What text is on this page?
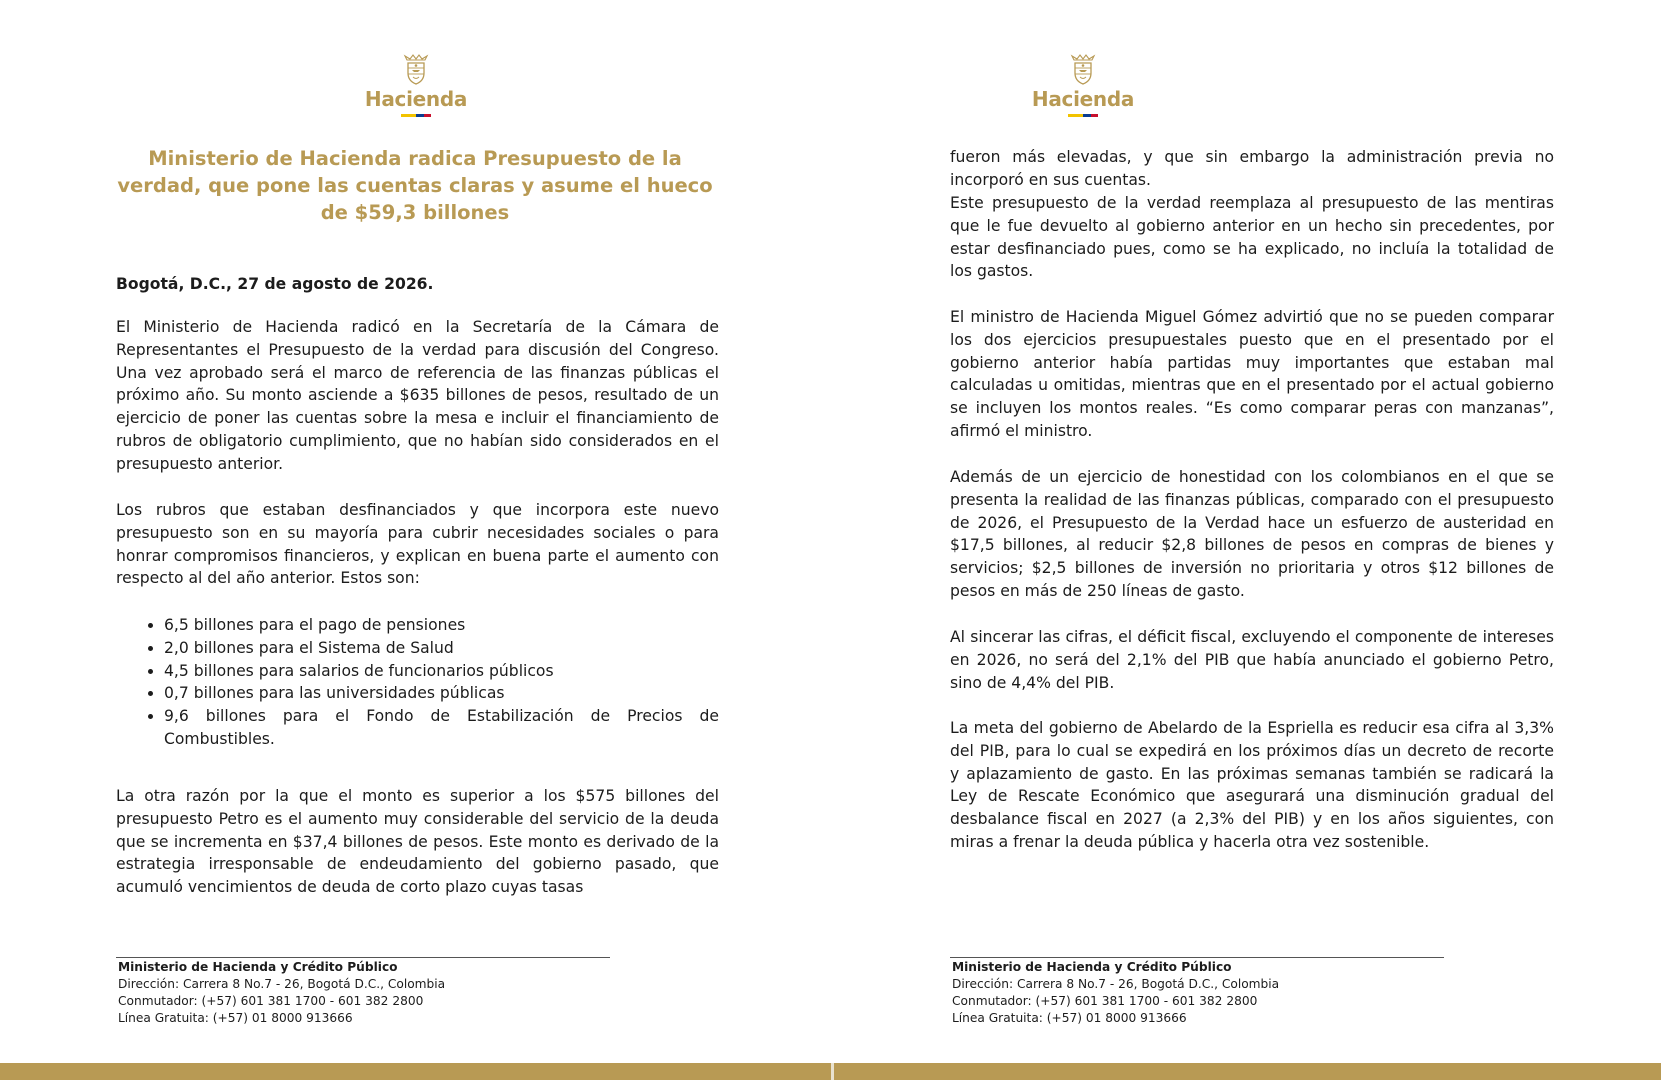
Hacienda
Ministerio de Hacienda radica Presupuesto de la verdad, que pone las cuentas claras y asume el hueco de $59,3 billones

Bogotá, D.C., 27 de agosto de 2026.

El Ministerio de Hacienda radicó en la Secretaría de la Cámara de Representantes el Presupuesto de la verdad para discusión del Congreso. Una vez aprobado será el marco de referencia de las finanzas públicas el próximo año. Su monto asciende a $635 billones de pesos, resultado de un ejercicio de poner las cuentas sobre la mesa e incluir el financiamiento de rubros de obligatorio cumplimiento, que no habían sido considerados en el presupuesto anterior.

Los rubros que estaban desfinanciados y que incorpora este nuevo presupuesto son en su mayoría para cubrir necesidades sociales o para honrar compromisos financieros, y explican en buena parte el aumento con respecto al del año anterior. Estos son:

• 6,5 billones para el pago de pensiones
• 2,0 billones para el Sistema de Salud
• 4,5 billones para salarios de funcionarios públicos
• 0,7 billones para las universidades públicas
• 9,6 billones para el Fondo de Estabilización de Precios de Combustibles.

La otra razón por la que el monto es superior a los $575 billones del presupuesto Petro es el aumento muy considerable del servicio de la deuda que se incrementa en $37,4 billones de pesos. Este monto es derivado de la estrategia irresponsable de endeudamiento del gobierno pasado, que acumuló vencimientos de deuda de corto plazo cuyas tasas

Ministerio de Hacienda y Crédito Público
Dirección: Carrera 8 No.7 - 26, Bogotá D.C., Colombia
Conmutador: (+57) 601 381 1700 - 601 382 2800
Línea Gratuita: (+57) 01 8000 913666
Hacienda

fueron más elevadas, y que sin embargo la administración previa no incorporó en sus cuentas.

Este presupuesto de la verdad reemplaza al presupuesto de las mentiras que le fue devuelto al gobierno anterior en un hecho sin precedentes, por estar desfinanciado pues, como se ha explicado, no incluía la totalidad de los gastos.

El ministro de Hacienda Miguel Gómez advirtió que no se pueden comparar los dos ejercicios presupuestales puesto que en el presentado por el gobierno anterior había partidas muy importantes que estaban mal calculadas u omitidas, mientras que en el presentado por el actual gobierno se incluyen los montos reales. “Es como comparar peras con manzanas”, afirmó el ministro.

Además de un ejercicio de honestidad con los colombianos en el que se presenta la realidad de las finanzas públicas, comparado con el presupuesto de 2026, el Presupuesto de la Verdad hace un esfuerzo de austeridad en $17,5 billones, al reducir $2,8 billones de pesos en compras de bienes y servicios; $2,5 billones de inversión no prioritaria y otros $12 billones de pesos en más de 250 líneas de gasto.

Al sincerar las cifras, el déficit fiscal, excluyendo el componente de intereses en 2026, no será del 2,1% del PIB que había anunciado el gobierno Petro, sino de 4,4% del PIB.

La meta del gobierno de Abelardo de la Espriella es reducir esa cifra al 3,3% del PIB, para lo cual se expedirá en los próximos días un decreto de recorte y aplazamiento de gasto. En las próximas semanas también se radicará la Ley de Rescate Económico que asegurará una disminución gradual del desbalance fiscal en 2027 (a 2,3% del PIB) y en los años siguientes, con miras a frenar la deuda pública y hacerla otra vez sostenible.

Ministerio de Hacienda y Crédito Público
Dirección: Carrera 8 No.7 - 26, Bogotá D.C., Colombia
Conmutador: (+57) 601 381 1700 - 601 382 2800
Línea Gratuita: (+57) 01 8000 913666
